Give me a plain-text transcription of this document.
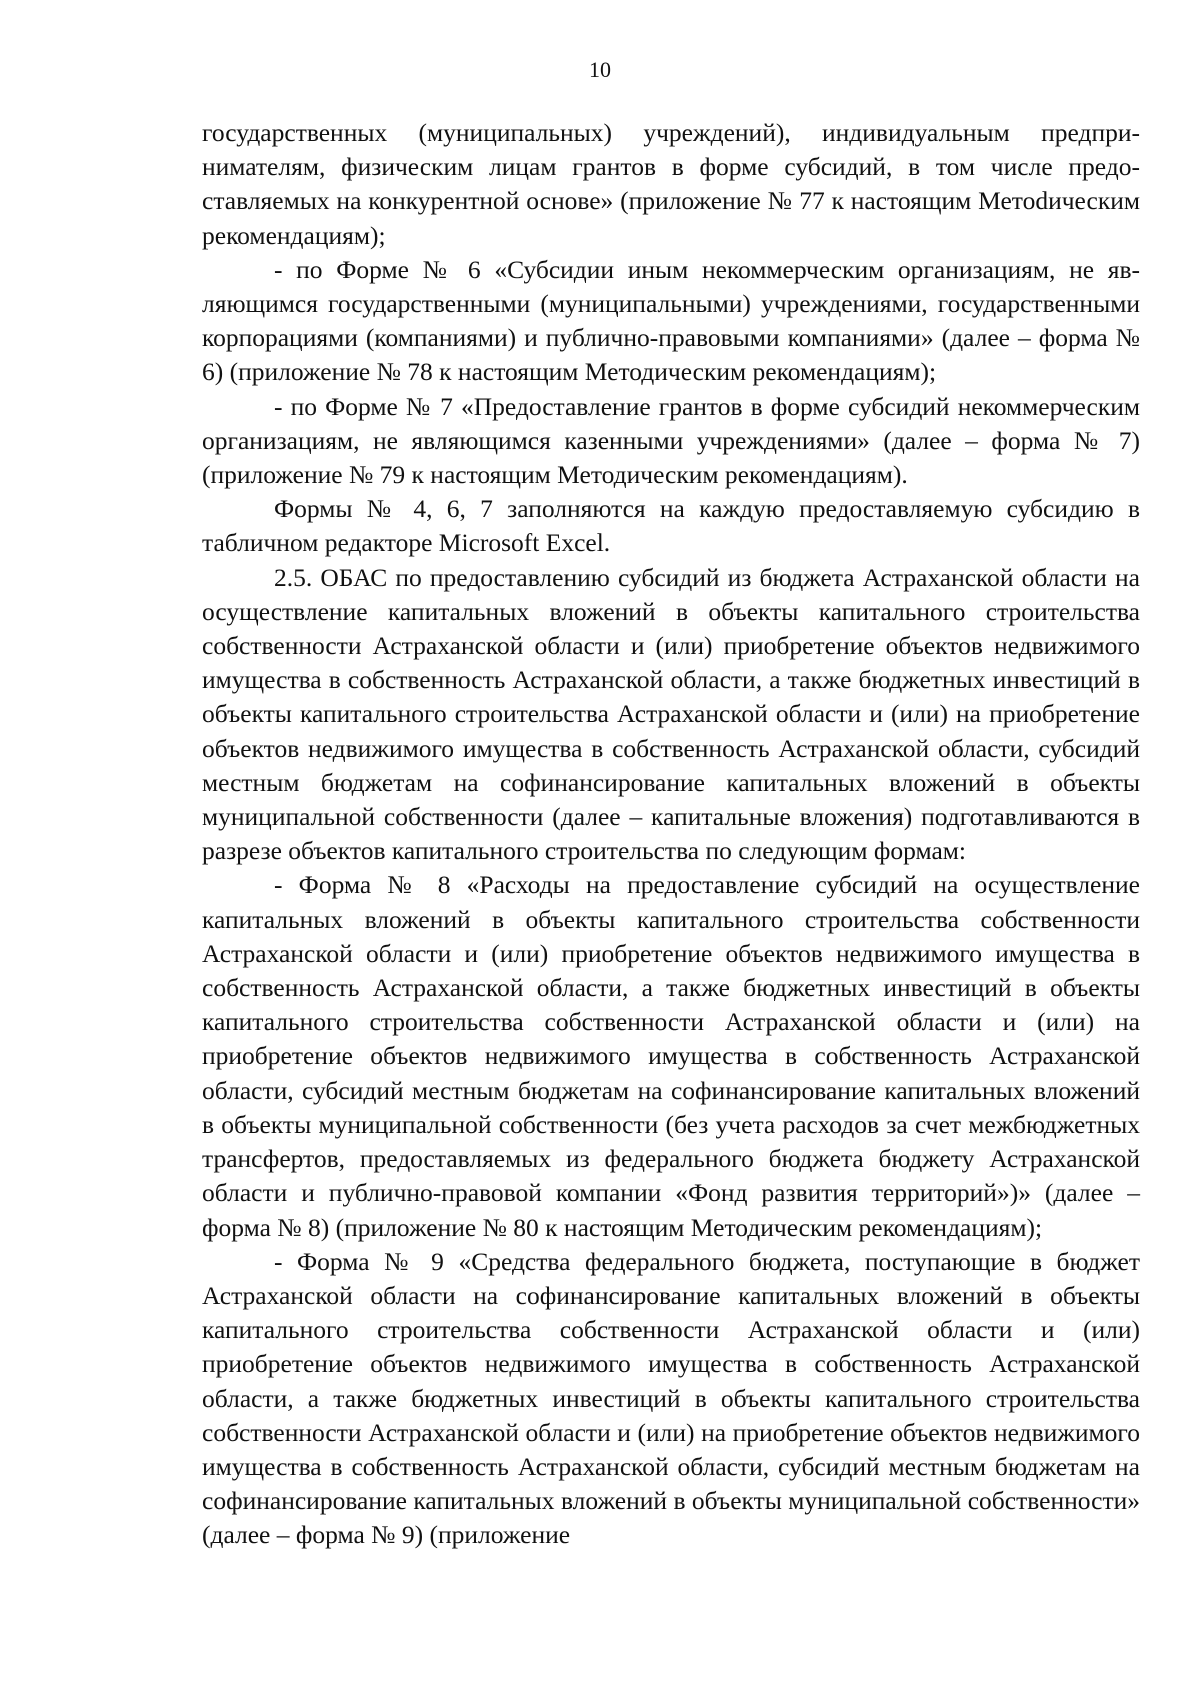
10

государственных (муниципальных) учреждений), индивидуальным предпринимателям, физическим лицам грантов в форме субсидий, в том числе предоставляемых на конкурентной основе» (приложение № 77 к настоящим Метоdическим рекомендациям);

- по Форме № 6 «Субсидии иным некоммерческим организациям, не являющимся государственными (муниципальными) учреждениями, государственными корпорациями (компаниями) и публично-правовыми компаниями» (далее – форма № 6) (приложение № 78 к настоящим Методическим рекомендациям);

- по Форме № 7 «Предоставление грантов в форме субсидий некоммерческим организациям, не являющимся казенными учреждениями» (далее – форма № 7) (приложение № 79 к настоящим Методическим рекомендациям).

Формы № 4, 6, 7 заполняются на каждую предоставляемую субсидию в табличном редакторе Microsoft Excel.

2.5. ОБАС по предоставлению субсидий из бюджета Астраханской области на осуществление капитальных вложений в объекты капитального строительства собственности Астраханской области и (или) приобретение объектов недвижимого имущества в собственность Астраханской области, а также бюджетных инвестиций в объекты капитального строительства Астраханской области и (или) на приобретение объектов недвижимого имущества в собственность Астраханской области, субсидий местным бюджетам на софинансирование капитальных вложений в объекты муниципальной собственности (далее – капитальные вложения) подготавливаются в разрезе объектов капитального строительства по следующим формам:

- Форма № 8 «Расходы на предоставление субсидий на осуществление капитальных вложений в объекты капитального строительства собственности Астраханской области и (или) приобретение объектов недвижимого имущества в собственность Астраханской области, а также бюджетных инвестиций в объекты капитального строительства собственности Астраханской области и (или) на приобретение объектов недвижимого имущества в собственность Астраханской области, субсидий местным бюджетам на софинансирование капитальных вложений в объекты муниципальной собственности (без учета расходов за счет межбюджетных трансфертов, предоставляемых из федерального бюджета бюджету Астраханской области и публично-правовой компании «Фонд развития территорий»)» (далее – форма № 8) (приложение № 80 к настоящим Методическим рекомендациям);

- Форма № 9 «Средства федерального бюджета, поступающие в бюджет Астраханской области на софинансирование капитальных вложений в объекты капитального строительства собственности Астраханской области и (или) приобретение объектов недвижимого имущества в собственность Астраханской области, а также бюджетных инвестиций в объекты капитального строительства собственности Астраханской области и (или) на приобретение объектов недвижимого имущества в собственность Астраханской области, субсидий местным бюджетам на софинансирование капитальных вложений в объекты муниципальной собственности» (далее – форма № 9) (приложение
